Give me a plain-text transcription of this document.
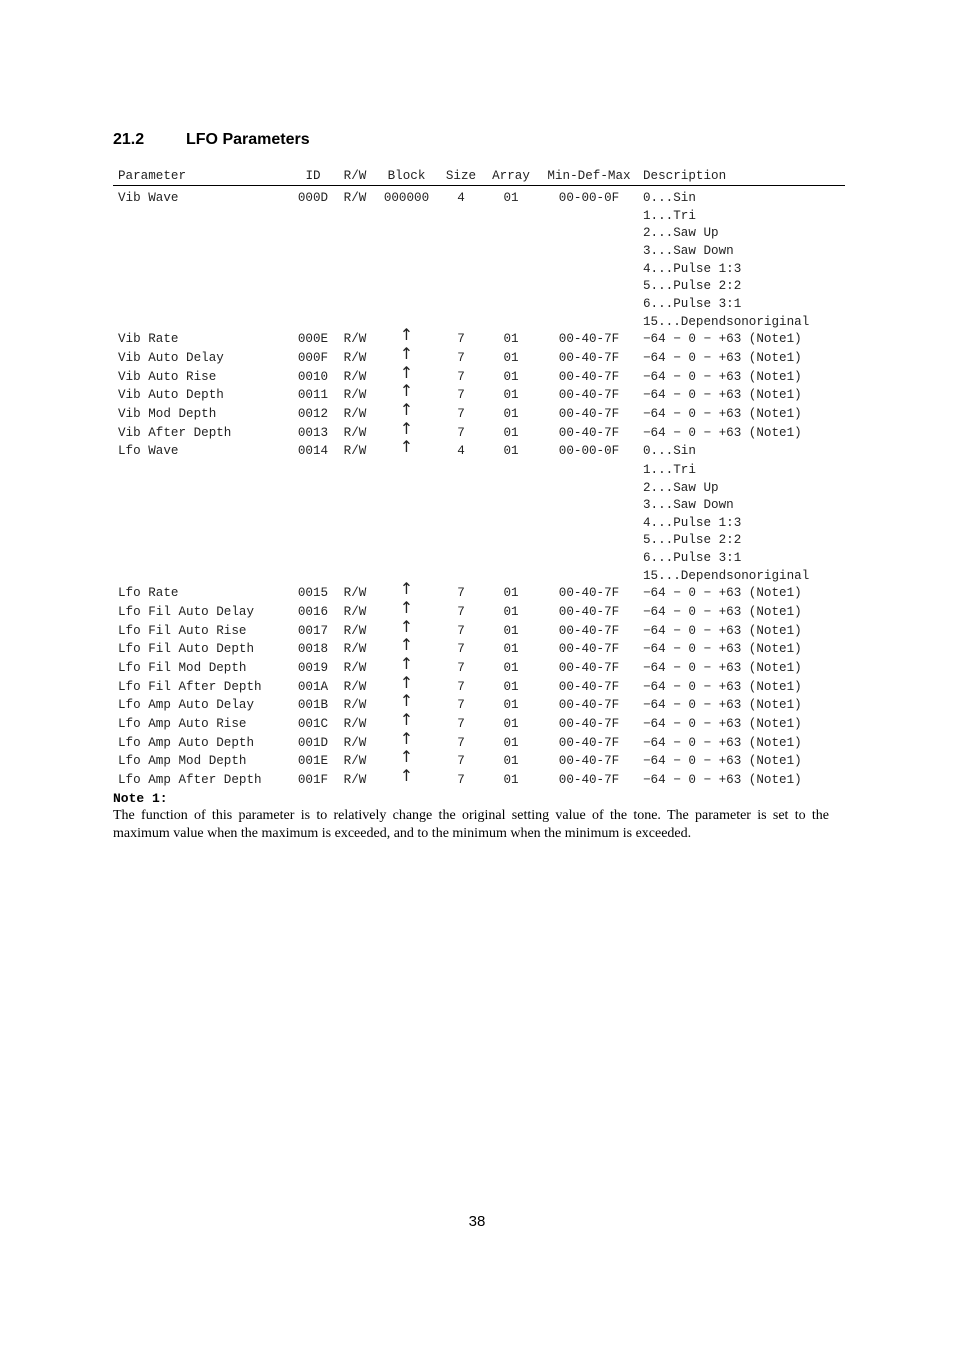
21.2	LFO Parameters
Parameter	ID	R/W	Block	Size	Array	Min-Def-Max	Description
Vib Wave	000D	R/W	000000	4	01	00-00-0F	0...Sin
							1...Tri
							2...Saw Up
							3...Saw Down
							4...Pulse 1:3
							5...Pulse 2:2
							6...Pulse 3:1
							15...Dependsonoriginal
Vib Rate	000E	R/W	↑	7	01	00-40-7F	−64 − 0 − +63 (Note1)
Vib Auto Delay	000F	R/W	↑	7	01	00-40-7F	−64 − 0 − +63 (Note1)
Vib Auto Rise	0010	R/W	↑	7	01	00-40-7F	−64 − 0 − +63 (Note1)
Vib Auto Depth	0011	R/W	↑	7	01	00-40-7F	−64 − 0 − +63 (Note1)
Vib Mod Depth	0012	R/W	↑	7	01	00-40-7F	−64 − 0 − +63 (Note1)
Vib After Depth	0013	R/W	↑	7	01	00-40-7F	−64 − 0 − +63 (Note1)
Lfo Wave	0014	R/W	↑	4	01	00-00-0F	0...Sin
							1...Tri
							2...Saw Up
							3...Saw Down
							4...Pulse 1:3
							5...Pulse 2:2
							6...Pulse 3:1
							15...Dependsonoriginal
Lfo Rate	0015	R/W	↑	7	01	00-40-7F	−64 − 0 − +63 (Note1)
Lfo Fil Auto Delay	0016	R/W	↑	7	01	00-40-7F	−64 − 0 − +63 (Note1)
Lfo Fil Auto Rise	0017	R/W	↑	7	01	00-40-7F	−64 − 0 − +63 (Note1)
Lfo Fil Auto Depth	0018	R/W	↑	7	01	00-40-7F	−64 − 0 − +63 (Note1)
Lfo Fil Mod Depth	0019	R/W	↑	7	01	00-40-7F	−64 − 0 − +63 (Note1)
Lfo Fil After Depth	001A	R/W	↑	7	01	00-40-7F	−64 − 0 − +63 (Note1)
Lfo Amp Auto Delay	001B	R/W	↑	7	01	00-40-7F	−64 − 0 − +63 (Note1)
Lfo Amp Auto Rise	001C	R/W	↑	7	01	00-40-7F	−64 − 0 − +63 (Note1)
Lfo Amp Auto Depth	001D	R/W	↑	7	01	00-40-7F	−64 − 0 − +63 (Note1)
Lfo Amp Mod Depth	001E	R/W	↑	7	01	00-40-7F	−64 − 0 − +63 (Note1)
Lfo Amp After Depth	001F	R/W	↑	7	01	00-40-7F	−64 − 0 − +63 (Note1)

Note 1:

The function of this parameter is to relatively change the original setting value of the tone. The parameter is set to the maximum value when the maximum is exceeded, and to the minimum when the minimum is exceeded.

38
